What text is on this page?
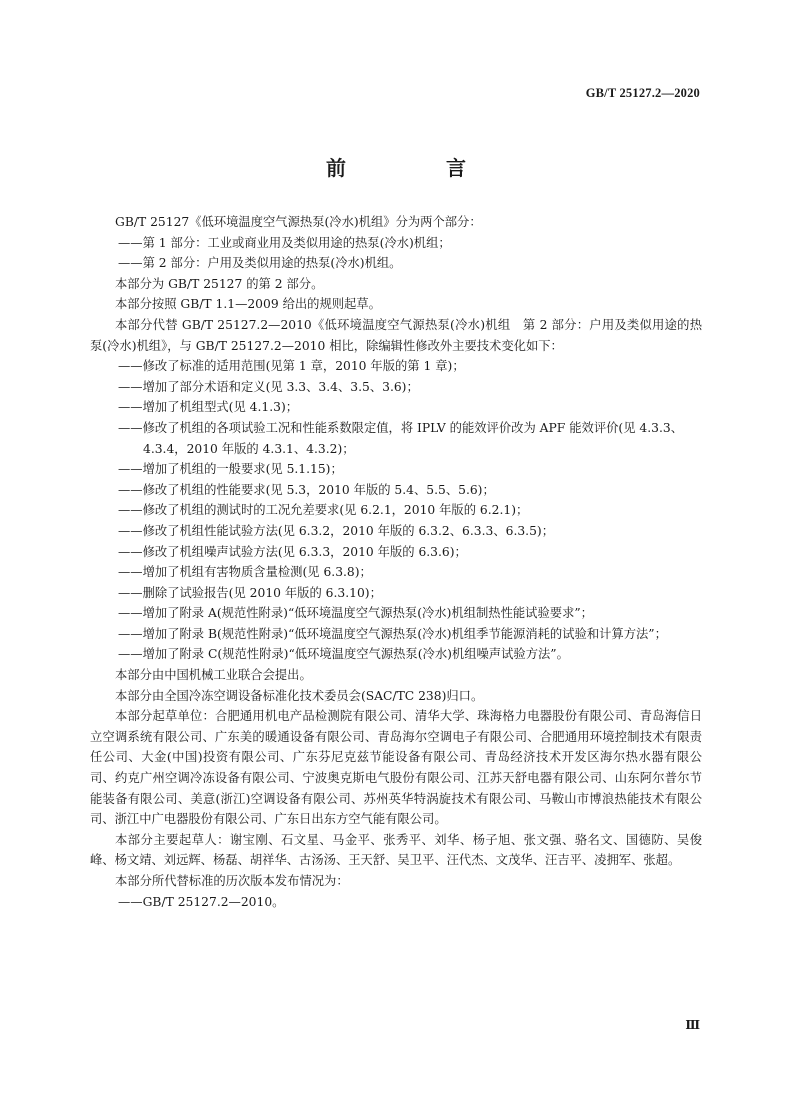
GB/T 25127.2—2020
前　言

GB/T 25127《低环境温度空气源热泵(冷水)机组》分为两个部分：

——第 1 部分：工业或商业用及类似用途的热泵(冷水)机组；

——第 2 部分：户用及类似用途的热泵(冷水)机组。

本部分为 GB/T 25127 的第 2 部分。

本部分按照 GB/T 1.1—2009 给出的规则起草。

本部分代替 GB/T 25127.2—2010《低环境温度空气源热泵(冷水)机组　第 2 部分：户用及类似用途的热泵(冷水)机组》，与 GB/T 25127.2—2010 相比，除编辑性修改外主要技术变化如下：

——修改了标准的适用范围(见第 1 章，2010 年版的第 1 章)；

——增加了部分术语和定义(见 3.3、3.4、3.5、3.6)；

——增加了机组型式(见 4.1.3)；

——修改了机组的各项试验工况和性能系数限定值，将 IPLV 的能效评价改为 APF 能效评价(见 4.3.3、4.3.4，2010 年版的 4.3.1、4.3.2)；

——增加了机组的一般要求(见 5.1.15)；

——修改了机组的性能要求(见 5.3，2010 年版的 5.4、5.5、5.6)；

——修改了机组的测试时的工况允差要求(见 6.2.1，2010 年版的 6.2.1)；

——修改了机组性能试验方法(见 6.3.2，2010 年版的 6.3.2、6.3.3、6.3.5)；

——修改了机组噪声试验方法(见 6.3.3，2010 年版的 6.3.6)；

——增加了机组有害物质含量检测(见 6.3.8)；

——删除了试验报告(见 2010 年版的 6.3.10)；

——增加了附录 A(规范性附录)“低环境温度空气源热泵(冷水)机组制热性能试验要求”；

——增加了附录 B(规范性附录)“低环境温度空气源热泵(冷水)机组季节能源消耗的试验和计算方法”；

——增加了附录 C(规范性附录)“低环境温度空气源热泵(冷水)机组噪声试验方法”。

本部分由中国机械工业联合会提出。

本部分由全国冷冻空调设备标准化技术委员会(SAC/TC 238)归口。

本部分起草单位：合肥通用机电产品检测院有限公司、清华大学、珠海格力电器股份有限公司、青岛海信日立空调系统有限公司、广东美的暖通设备有限公司、青岛海尔空调电子有限公司、合肥通用环境控制技术有限责任公司、大金(中国)投资有限公司、广东芬尼克兹节能设备有限公司、青岛经济技术开发区海尔热水器有限公司、约克广州空调冷冻设备有限公司、宁波奥克斯电气股份有限公司、江苏天舒电器有限公司、山东阿尔普尔节能装备有限公司、美意(浙江)空调设备有限公司、苏州英华特涡旋技术有限公司、马鞍山市博浪热能技术有限公司、浙江中广电器股份有限公司、广东日出东方空气能有限公司。

本部分主要起草人：谢宝刚、石文星、马金平、张秀平、刘华、杨子旭、张文强、骆名文、国德防、吴俊峰、杨文靖、刘远辉、杨磊、胡祥华、古汤汤、王天舒、吴卫平、汪代杰、文茂华、汪吉平、凌拥军、张超。

本部分所代替标准的历次版本发布情况为：

——GB/T 25127.2—2010。

Ⅲ
